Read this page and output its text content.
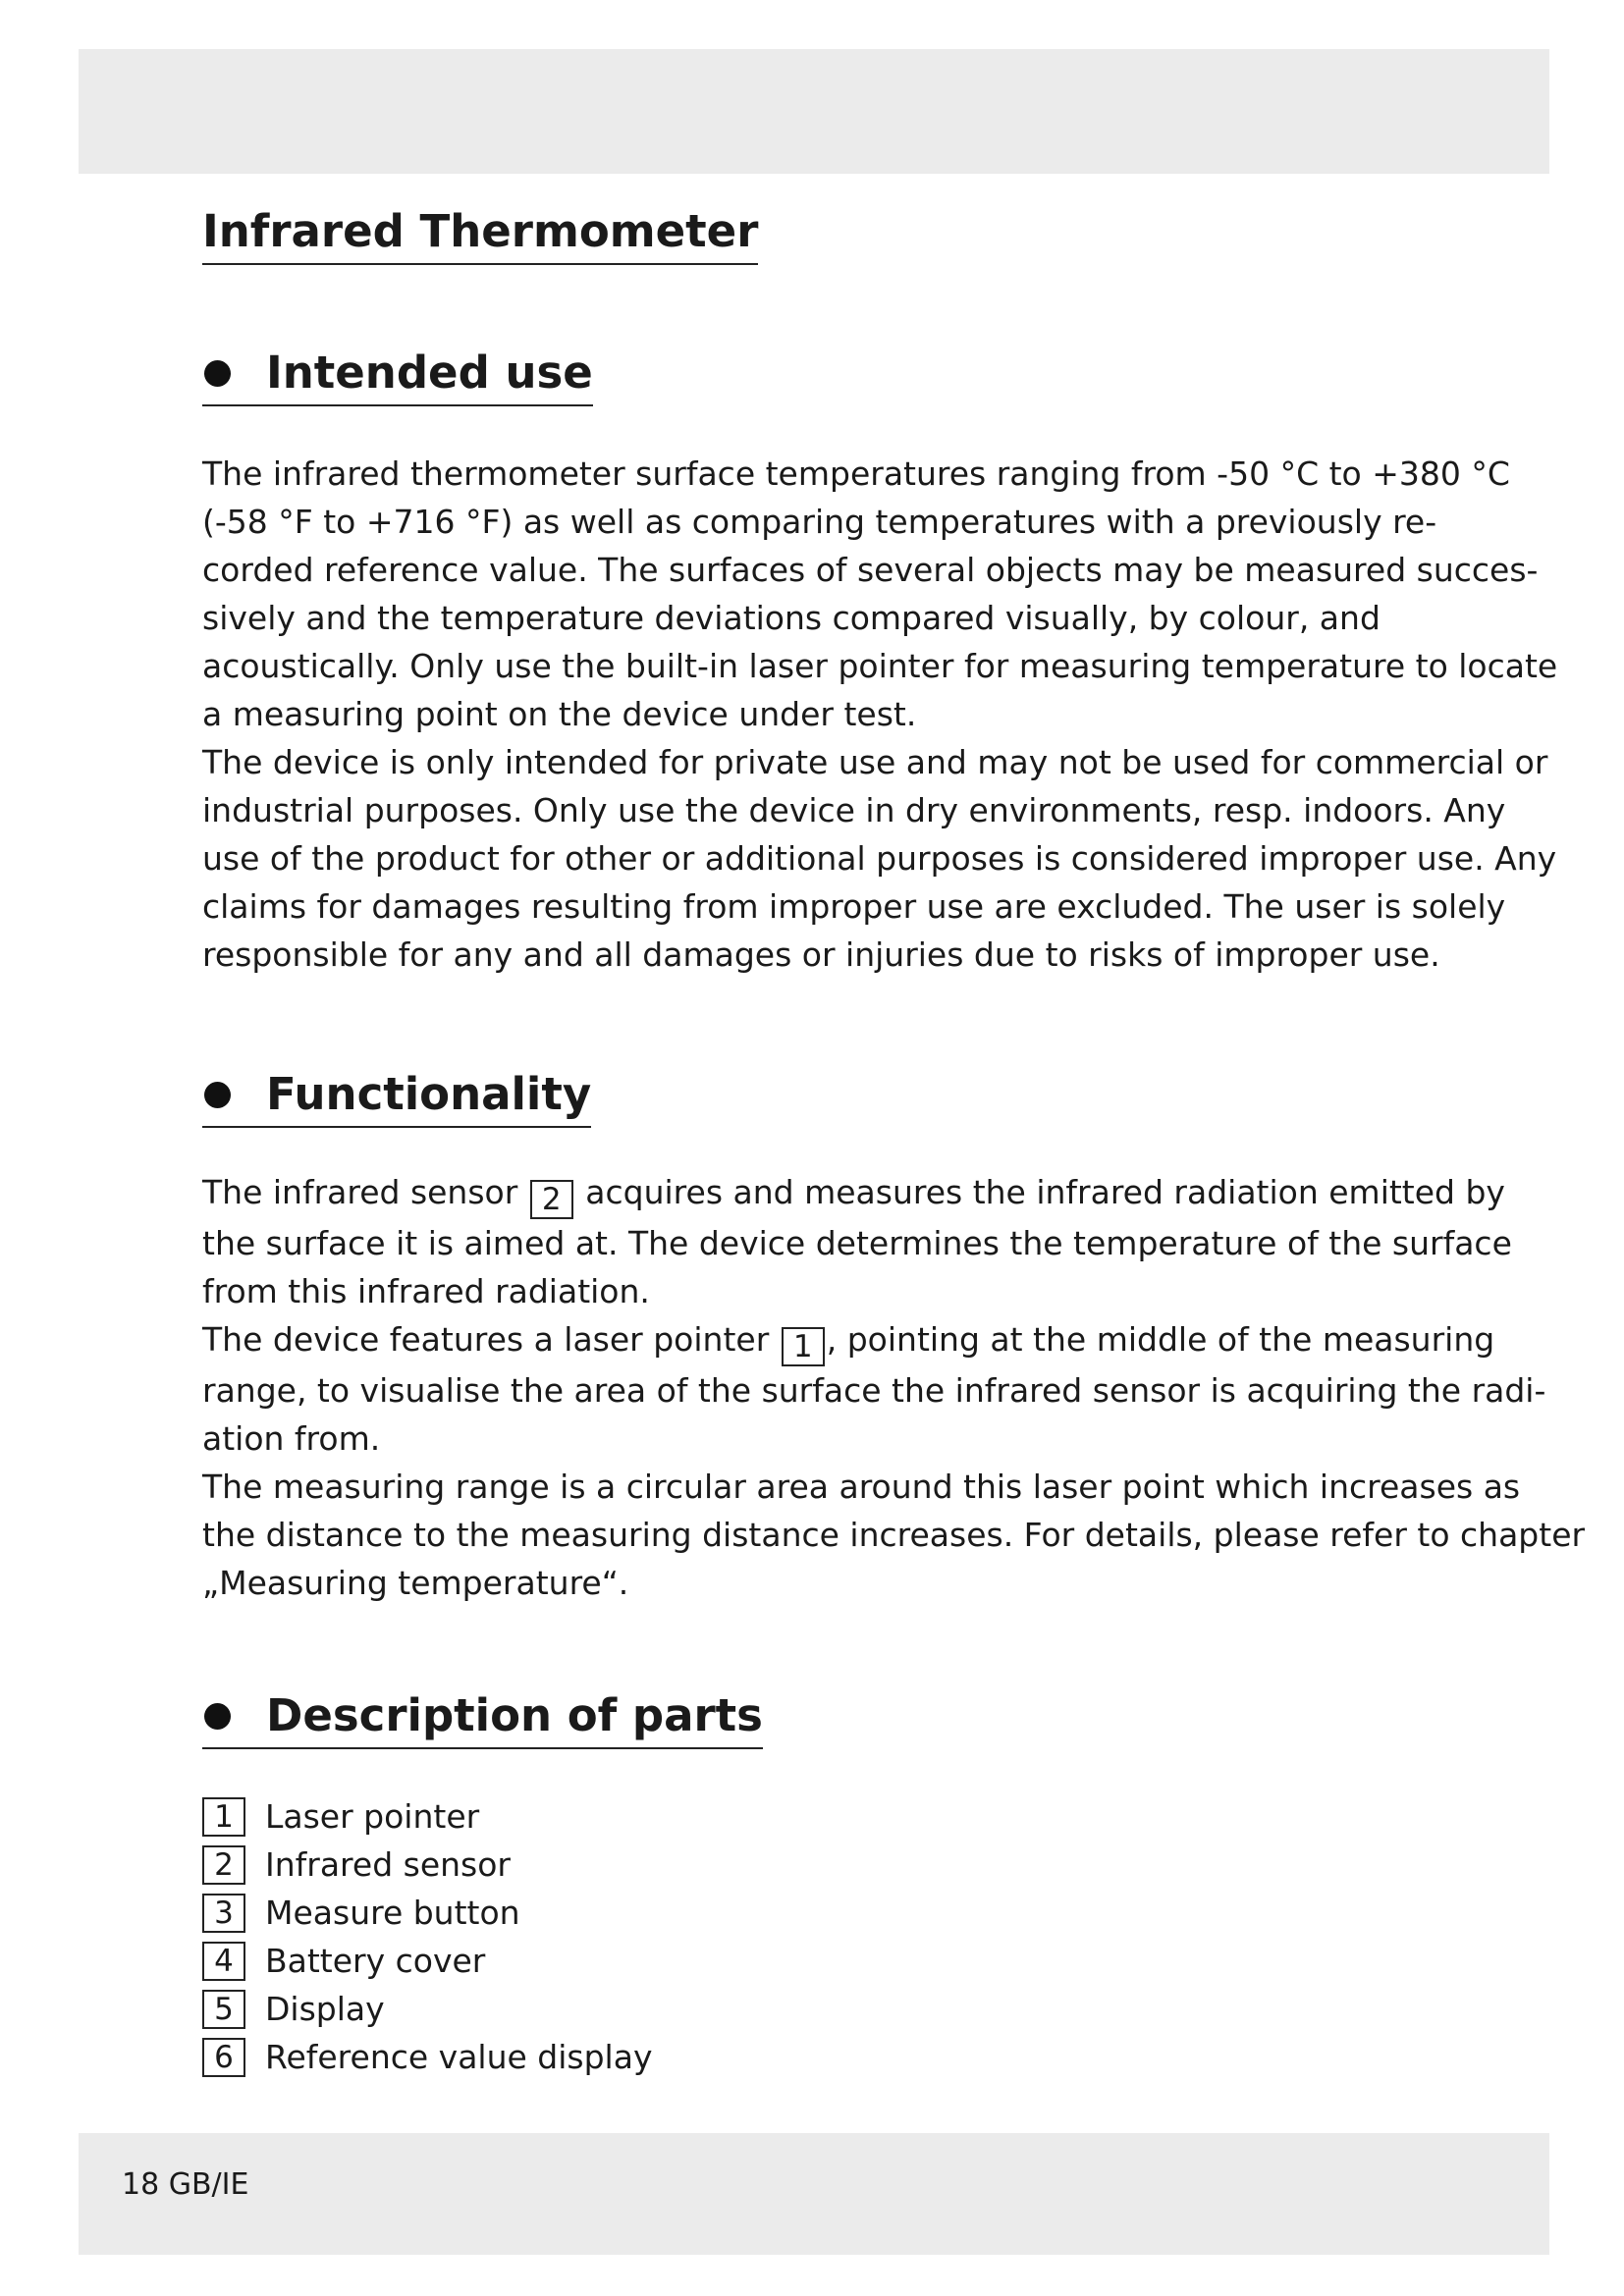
Infrared Thermometer
Intended use
The infrared thermometer surface temperatures ranging from -50 °C to +380 °C
(-58 °F to +716 °F) as well as comparing temperatures with a previously re-
corded reference value. The surfaces of several objects may be measured succes-
sively and the temperature deviations compared visually, by colour, and
acoustically. Only use the built-in laser pointer for measuring temperature to locate
a measuring point on the device under test.
The device is only intended for private use and may not be used for commercial or
industrial purposes. Only use the device in dry environments, resp. indoors. Any
use of the product for other or additional purposes is considered improper use. Any
claims for damages resulting from improper use are excluded. The user is solely
responsible for any and all damages or injuries due to risks of improper use.
Functionality
The infrared sensor 2 acquires and measures the infrared radiation emitted by
the surface it is aimed at. The device determines the temperature of the surface
from this infrared radiation.
The device features a laser pointer 1 , pointing at the middle of the measuring
range, to visualise the area of the surface the infrared sensor is acquiring the radi-
ation from.
The measuring range is a circular area around this laser point which increases as
the distance to the measuring distance increases. For details, please refer to chapter
„Measuring temperature“.
Description of parts
1 Laser pointer
2 Infrared sensor
3 Measure button
4 Battery cover
5 Display
6 Reference value display
18 GB/IE
